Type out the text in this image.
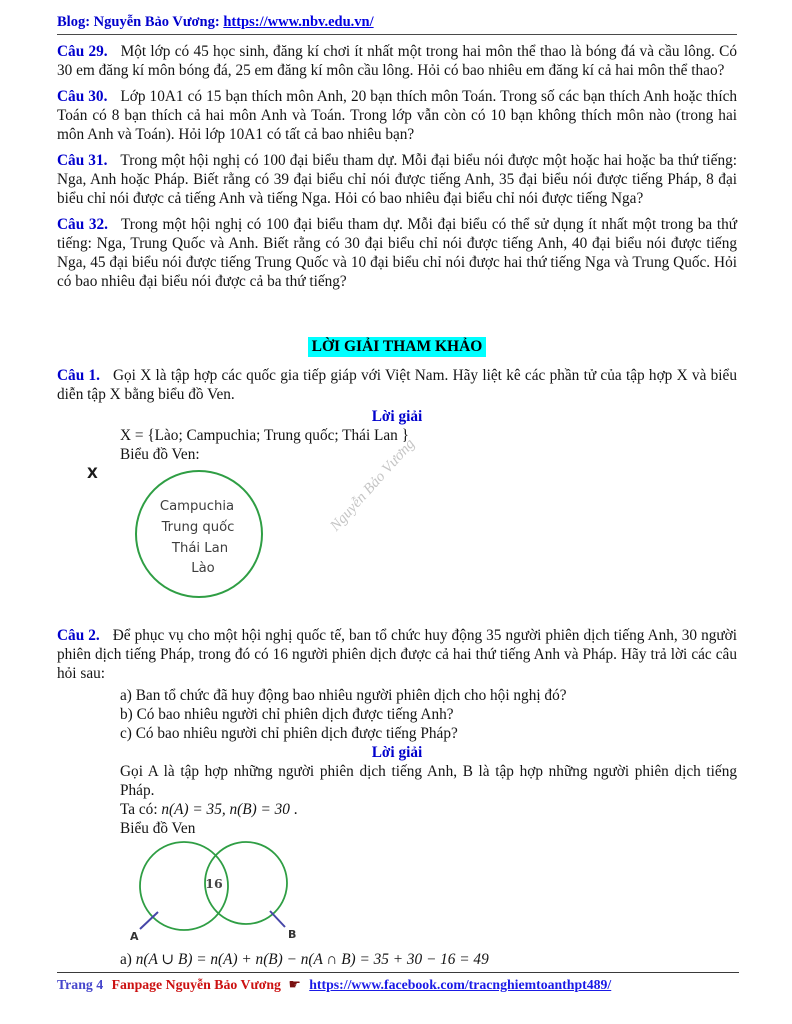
Blog: Nguyễn Bảo Vương: https://www.nbv.edu.vn/

Câu 29. Một lớp có 45 học sinh, đăng kí chơi ít nhất một trong hai môn thể thao là bóng đá và cầu lông. Có 30 em đăng kí môn bóng đá, 25 em đăng kí môn cầu lông. Hỏi có bao nhiêu em đăng kí cả hai môn thể thao?

Câu 30. Lớp 10A1 có 15 bạn thích môn Anh, 20 bạn thích môn Toán. Trong số các bạn thích Anh hoặc thích Toán có 8 bạn thích cả hai môn Anh và Toán. Trong lớp vẫn còn có 10 bạn không thích môn nào (trong hai môn Anh và Toán). Hỏi lớp 10A1 có tất cả bao nhiêu bạn?

Câu 31. Trong một hội nghị có 100 đại biểu tham dự. Mỗi đại biểu nói được một hoặc hai hoặc ba thứ tiếng: Nga, Anh hoặc Pháp. Biết rằng có 39 đại biểu chỉ nói được tiếng Anh, 35 đại biểu nói được tiếng Pháp, 8 đại biểu chỉ nói được cả tiếng Anh và tiếng Nga. Hỏi có bao nhiêu đại biểu chỉ nói được tiếng Nga?

Câu 32. Trong một hội nghị có 100 đại biểu tham dự. Mỗi đại biểu có thể sử dụng ít nhất một trong ba thứ tiếng: Nga, Trung Quốc và Anh. Biết rằng có 30 đại biểu chỉ nói được tiếng Anh, 40 đại biểu nói được tiếng Nga, 45 đại biểu nói được tiếng Trung Quốc và 10 đại biểu chỉ nói được hai thứ tiếng Nga và Trung Quốc. Hỏi có bao nhiêu đại biểu nói được cả ba thứ tiếng?

LỜI GIẢI THAM KHẢO

Câu 1. Gọi X là tập hợp các quốc gia tiếp giáp với Việt Nam. Hãy liệt kê các phần tử của tập hợp X và biểu diễn tập X bằng biểu đồ Ven.

Lời giải
X = {Lào; Campuchia; Trung quốc; Thái Lan }
Biểu đồ Ven:
X
Campuchia
Trung quốc
Thái Lan
Lào
Nguyễn Bảo Vương

Câu 2. Để phục vụ cho một hội nghị quốc tế, ban tổ chức huy động 35 người phiên dịch tiếng Anh, 30 người phiên dịch tiếng Pháp, trong đó có 16 người phiên dịch được cả hai thứ tiếng Anh và Pháp. Hãy trả lời các câu hỏi sau:

a) Ban tổ chức đã huy động bao nhiêu người phiên dịch cho hội nghị đó?
b) Có bao nhiêu người chỉ phiên dịch được tiếng Anh?
c) Có bao nhiêu người chỉ phiên dịch được tiếng Pháp?
Lời giải
Gọi A là tập hợp những người phiên dịch tiếng Anh, B là tập hợp những người phiên dịch tiếng Pháp.
Ta có: n(A) = 35, n(B) = 30 .
Biểu đồ Ven
16
A	B
a) n(A ∪ B) = n(A) + n(B) − n(A ∩ B) = 35 + 30 − 16 = 49
Trang 4 Fanpage Nguyễn Bảo Vương ☛ https://www.facebook.com/tracnghiemtoanthpt489/
